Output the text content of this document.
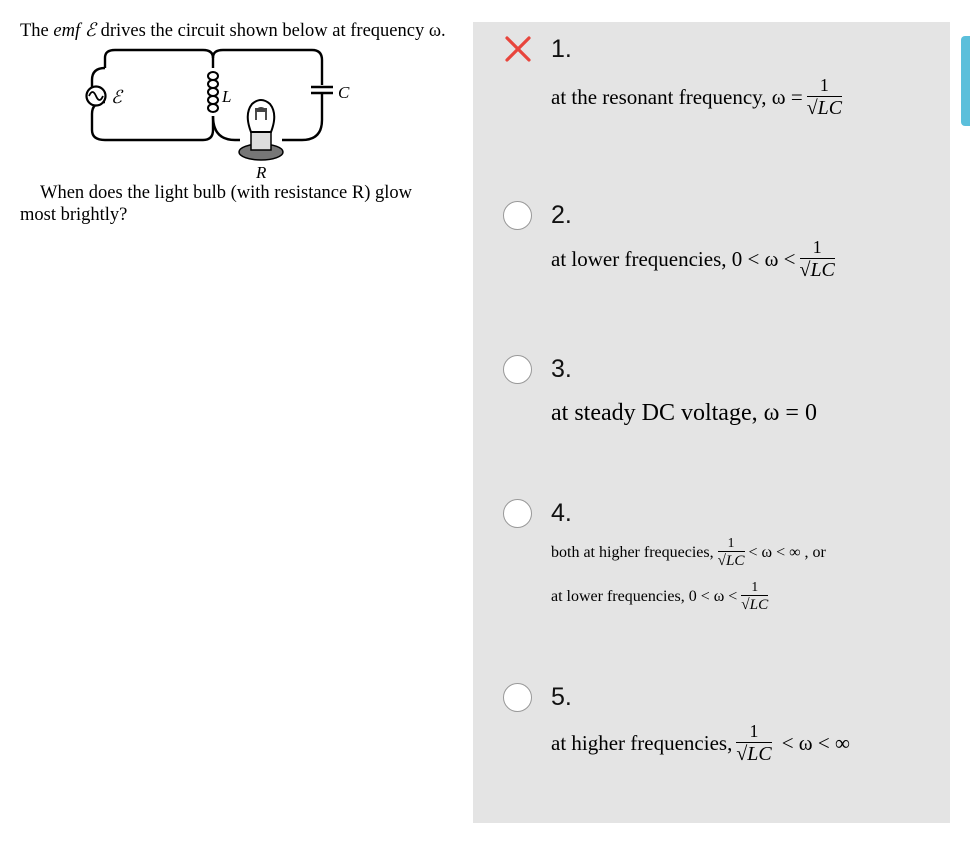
The emf ℰ drives the circuit shown below at frequency ω.
ℰ	L	C
R
When does the light bulb (with resistance R) glow most brightly?
1.
at the resonant frequency, $\omega = \frac{1}{√LC}$
2.
at lower frequencies, $0 < \omega < \frac{1}{√LC}$
3.
at steady DC voltage, ω = 0
4.
both at higher frequecies, $\frac{1}{√LC} < \omega$ < ∞ , or
at lower frequencies, $0 < \omega < \frac{1}{√LC}$
5.
at higher frequencies, $\frac{1}{√LC} < \omega$ < ∞
